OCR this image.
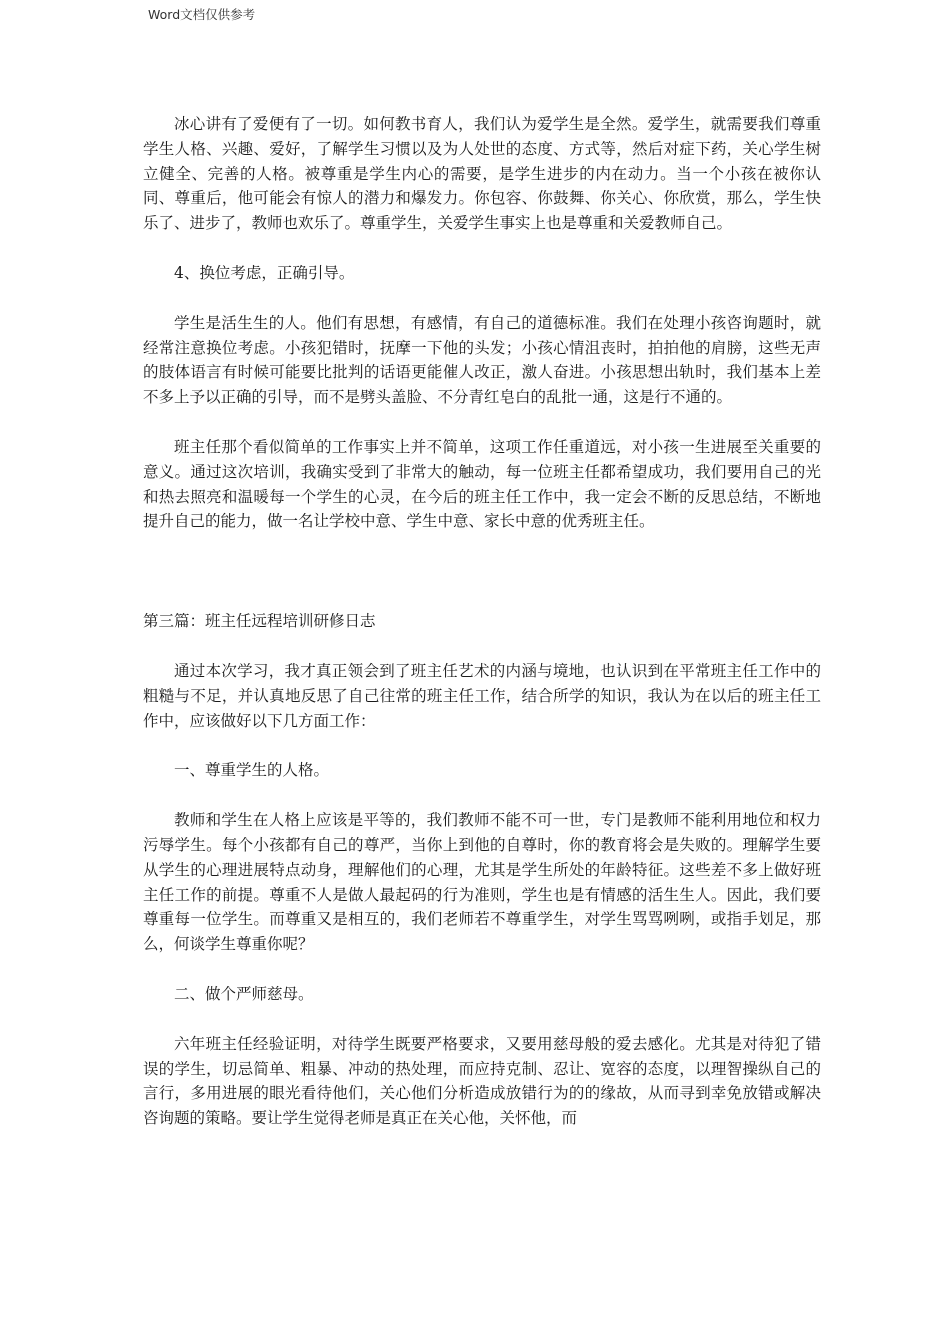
Word文档仅供参考

冰心讲有了爱便有了一切。如何教书育人，我们认为爱学生是全然。爱学生，就需要我们尊重学生人格、兴趣、爱好，了解学生习惯以及为人处世的态度、方式等，然后对症下药，关心学生树立健全、完善的人格。被尊重是学生内心的需要，是学生进步的内在动力。当一个小孩在被你认同、尊重后，他可能会有惊人的潜力和爆发力。你包容、你鼓舞、你关心、你欣赏，那么，学生快乐了、进步了，教师也欢乐了。尊重学生，关爱学生事实上也是尊重和关爱教师自己。

4、换位考虑，正确引导。

学生是活生生的人。他们有思想，有感情，有自己的道德标准。我们在处理小孩咨询题时，就经常注意换位考虑。小孩犯错时，抚摩一下他的头发；小孩心情沮丧时，拍拍他的肩膀，这些无声的肢体语言有时候可能要比批判的话语更能催人改正，激人奋进。小孩思想出轨时，我们基本上差不多上予以正确的引导，而不是劈头盖脸、不分青红皂白的乱批一通，这是行不通的。

班主任那个看似简单的工作事实上并不简单，这项工作任重道远，对小孩一生进展至关重要的意义。通过这次培训，我确实受到了非常大的触动，每一位班主任都希望成功，我们要用自己的光和热去照亮和温暖每一个学生的心灵，在今后的班主任工作中，我一定会不断的反思总结，不断地提升自己的能力，做一名让学校中意、学生中意、家长中意的优秀班主任。

第三篇：班主任远程培训研修日志

通过本次学习，我才真正领会到了班主任艺术的内涵与境地，也认识到在平常班主任工作中的粗糙与不足，并认真地反思了自己往常的班主任工作，结合所学的知识，我认为在以后的班主任工作中，应该做好以下几方面工作：

一、尊重学生的人格。

教师和学生在人格上应该是平等的，我们教师不能不可一世，专门是教师不能利用地位和权力污辱学生。每个小孩都有自己的尊严，当你上到他的自尊时，你的教育将会是失败的。理解学生要从学生的心理进展特点动身，理解他们的心理，尤其是学生所处的年龄特征。这些差不多上做好班主任工作的前提。尊重不人是做人最起码的行为准则，学生也是有情感的活生生人。因此，我们要尊重每一位学生。而尊重又是相互的，我们老师若不尊重学生，对学生骂骂咧咧，或指手划足，那么，何谈学生尊重你呢？

二、做个严师慈母。

六年班主任经验证明，对待学生既要严格要求，又要用慈母般的爱去感化。尤其是对待犯了错误的学生，切忌简单、粗暴、冲动的热处理，而应持克制、忍让、宽容的态度，以理智操纵自己的言行，多用进展的眼光看待他们，关心他们分析造成放错行为的的缘故，从而寻到幸免放错或解决咨询题的策略。要让学生觉得老师是真正在关心他，关怀他，而
